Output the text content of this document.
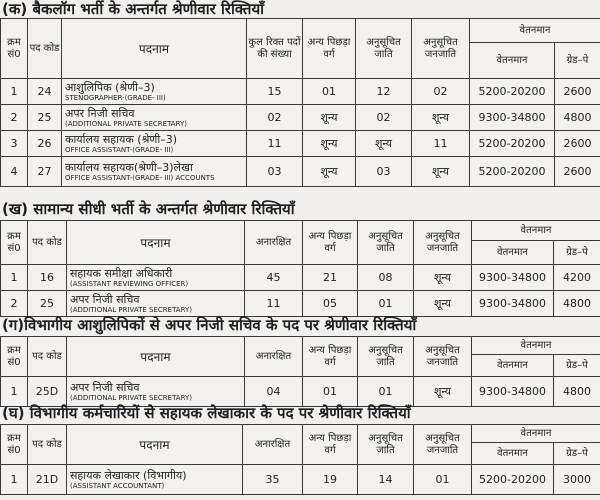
(क) बैकलॉग भर्ती के अन्तर्गत श्रेणीवार रिक्तियाँ
क्रम सं0	पद कोड	पदनाम	कुल रिक्त पदों की संख्या	अन्य पिछड़ा वर्ग	अनुसूचित जाति	अनुसूचित जनजाति	वेतनमान	
							वेतनमान	ग्रेड–पे
1	24	आशुलिपिक (श्रेणी–3)
STENOGRAPHER-(GRADE- III)	15	01	12	02	5200-20200	2600
2	25	अपर निजी सचिव
(ADDITIONAL PRIVATE SECRETARY)	02	शून्य	02	शून्य	9300-34800	4800
3	26	कार्यालय सहायक (श्रेणी–3)
OFFICE ASSISTANT-(GRADE- III)	11	शून्य	शून्य	11	5200-20200	2600
4	27	कार्यालय सहायक(श्रेणी–3)लेखा
OFFICE ASSISTANT-(GRADE- III) ACCOUNTS	03	शून्य	03	शून्य	5200-20200	2600
(ख) सामान्य सीधी भर्ती के अन्तर्गत श्रेणीवार रिक्तियाँ
क्रम सं0	पद कोड	पदनाम	अनारक्षित	अन्य पिछड़ा वर्ग	अनुसूचित जाति	अनुसूचित जनजाति	वेतनमान	
							वेतनमान	ग्रेड–पे
1	16	सहायक समीक्षा अधिकारी
(ASSISTANT REVIEWING OFFICER)	45	21	08	शून्य	9300-34800	4200
2	25	अपर निजी सचिव
(ADDITIONAL PRIVATE SECRETARY)	11	05	01	शून्य	9300-34800	4800
(ग)विभागीय आशुलिपिकों से अपर निजी सचिव के पद पर श्रेणीवार रिक्तियाँ
क्रम सं0	पद कोड	पदनाम	अनारक्षित	अन्य पिछड़ा वर्ग	अनुसूचित जाति	अनुसूचित जनजाति	वेतनमान	
							वेतनमान	ग्रेड–पे
1	25D	अपर निजी सचिव
(ADDITIONAL PRIVATE SECRETARY)	04	01	01	शून्य	9300-34800	4800
(घ) विभागीय कर्मचारियों से सहायक लेखाकार के पद पर श्रेणीवार रिक्तियाँ
क्रम सं0	पद कोड	पदनाम	अनारक्षित	अन्य पिछड़ा वर्ग	अनुसूचित जाति	अनुसूचित जनजाति	वेतनमान	
							वेतनमान	ग्रेड–पे
1	21D	सहायक लेखाकार (विभागीय)
(ASSISTANT ACCOUNTANT)	35	19	14	01	5200-20200	3000
